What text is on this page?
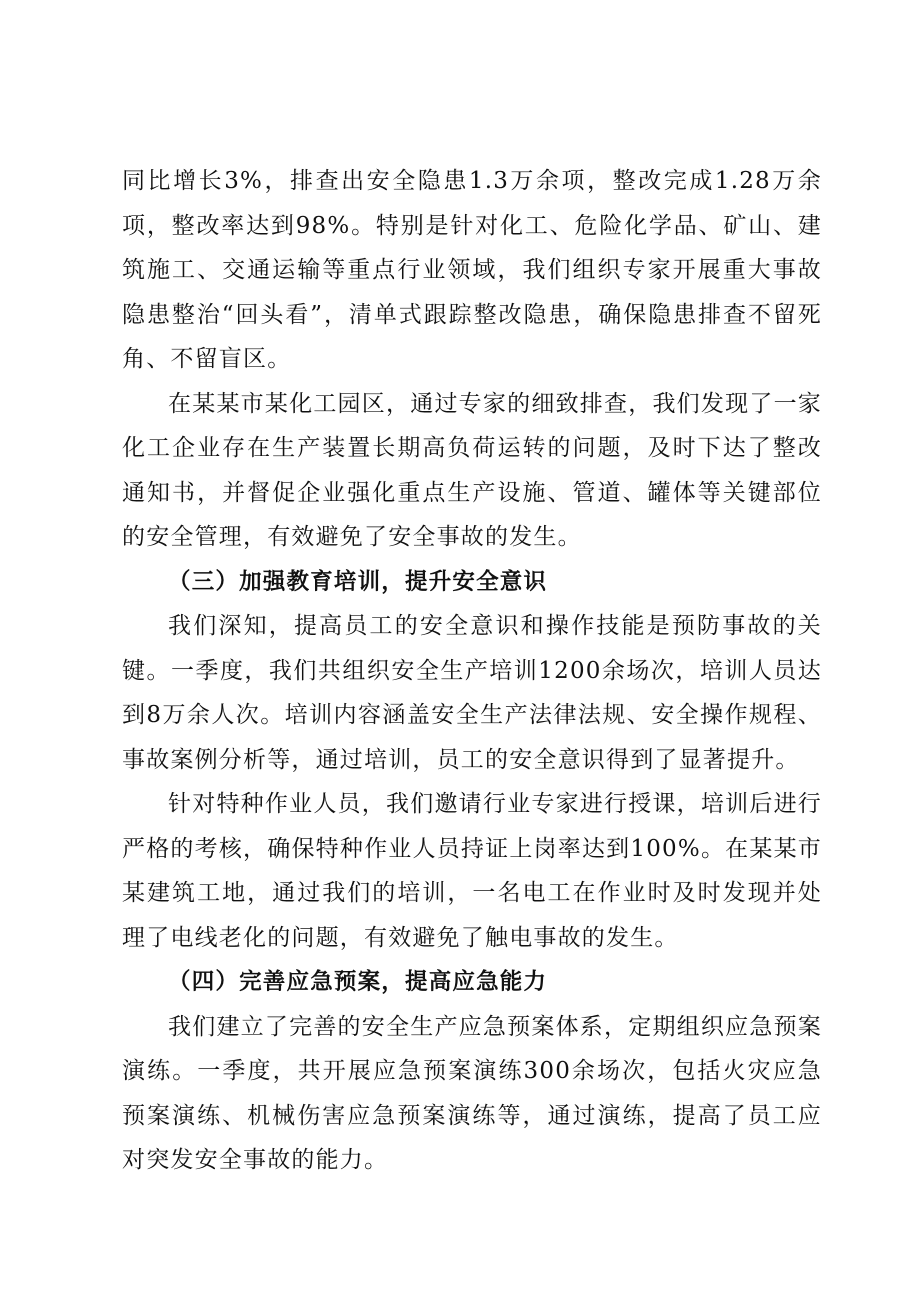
同比增长3%，排查出安全隐患1.3万余项，整改完成1.28万余项，整改率达到98%。特别是针对化工、危险化学品、矿山、建筑施工、交通运输等重点行业领域，我们组织专家开展重大事故隐患整治“回头看”，清单式跟踪整改隐患，确保隐患排查不留死角、不留盲区。

在某某市某化工园区，通过专家的细致排查，我们发现了一家化工企业存在生产装置长期高负荷运转的问题，及时下达了整改通知书，并督促企业强化重点生产设施、管道、罐体等关键部位的安全管理，有效避免了安全事故的发生。

（三）加强教育培训，提升安全意识

我们深知，提高员工的安全意识和操作技能是预防事故的关键。一季度，我们共组织安全生产培训1200余场次，培训人员达到8万余人次。培训内容涵盖安全生产法律法规、安全操作规程、事故案例分析等，通过培训，员工的安全意识得到了显著提升。

针对特种作业人员，我们邀请行业专家进行授课，培训后进行严格的考核，确保特种作业人员持证上岗率达到100%。在某某市某建筑工地，通过我们的培训，一名电工在作业时及时发现并处理了电线老化的问题，有效避免了触电事故的发生。

（四）完善应急预案，提高应急能力

我们建立了完善的安全生产应急预案体系，定期组织应急预案演练。一季度，共开展应急预案演练300余场次，包括火灾应急预案演练、机械伤害应急预案演练等，通过演练，提高了员工应对突发安全事故的能力。
